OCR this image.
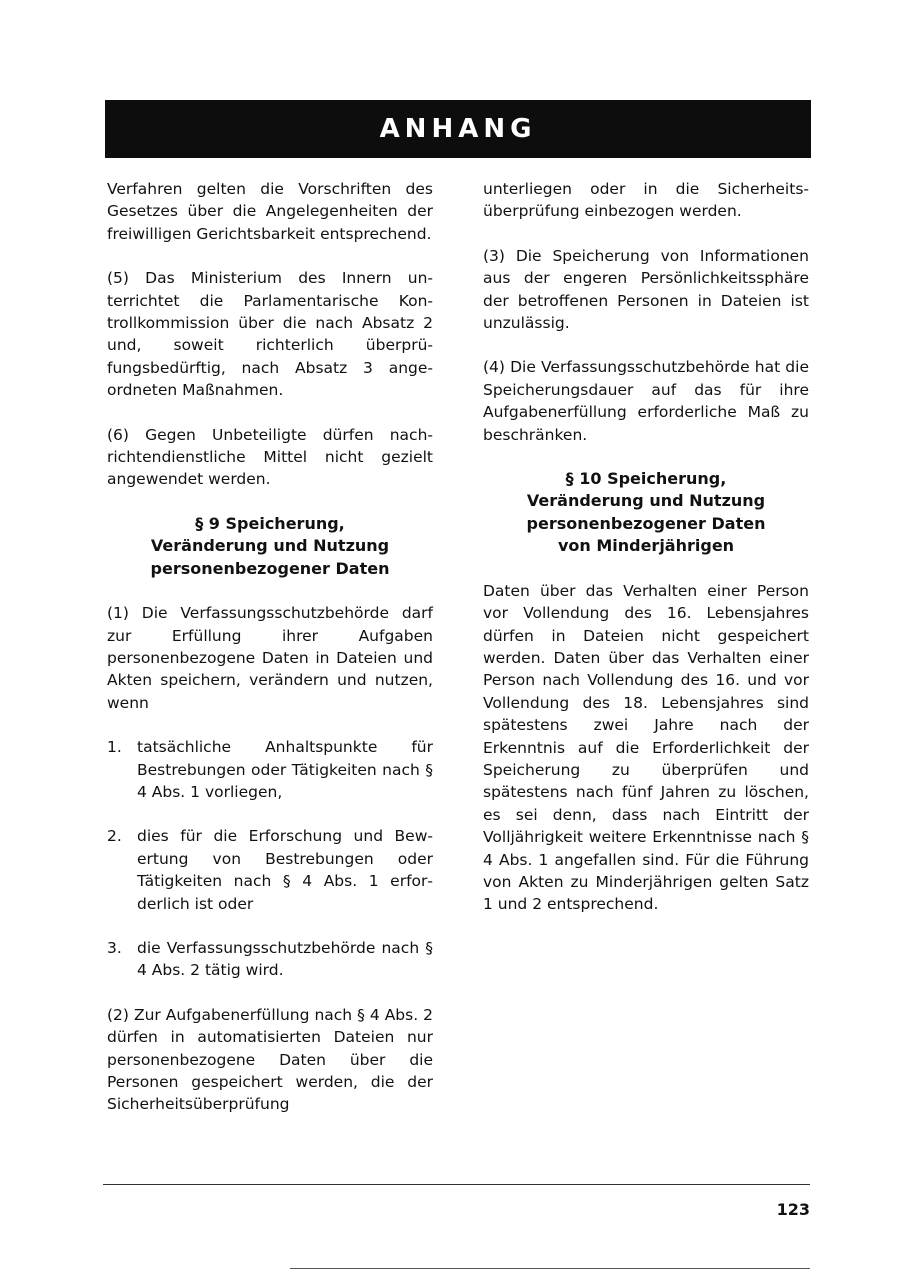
ANHANG

Verfahren gelten die Vorschriften des Gesetzes über die Angelegenheiten der freiwilligen Gerichtsbarkeit entsprechend.

(5) Das Ministerium des Innern unterrichtet die Parlamentarische Kontrollkommission über die nach Absatz 2 und, soweit richterlich überprüfungsbedürftig, nach Absatz 3 angeordneten Maßnahmen.

(6) Gegen Unbeteiligte dürfen nachrichtendienstliche Mittel nicht gezielt angewendet werden.

§ 9 Speicherung,
Veränderung und Nutzung
personenbezogener Daten

(1) Die Verfassungsschutzbehörde darf zur Erfüllung ihrer Aufgaben personenbezogene Daten in Dateien und Akten speichern, verändern und nutzen, wenn

1. tatsächliche Anhaltspunkte für Bestrebungen oder Tätigkeiten nach § 4 Abs. 1 vorliegen,
2. dies für die Erforschung und Bewertung von Bestrebungen oder Tätigkeiten nach § 4 Abs. 1 erforderlich ist oder
3. die Verfassungsschutzbehörde nach § 4 Abs. 2 tätig wird.

(2) Zur Aufgabenerfüllung nach § 4 Abs. 2 dürfen in automatisierten Dateien nur personenbezogene Daten über die Personen gespeichert werden, die der Sicherheitsüberprüfung

unterliegen oder in die Sicherheitsüberprüfung einbezogen werden.

(3) Die Speicherung von Informationen aus der engeren Persönlichkeitssphäre der betroffenen Personen in Dateien ist unzulässig.

(4) Die Verfassungsschutzbehörde hat die Speicherungsdauer auf das für ihre Aufgabenerfüllung erforderliche Maß zu beschränken.

§ 10 Speicherung,
Veränderung und Nutzung
personenbezogener Daten
von Minderjährigen

Daten über das Verhalten einer Person vor Vollendung des 16. Lebensjahres dürfen in Dateien nicht gespeichert werden. Daten über das Verhalten einer Person nach Vollendung des 16. und vor Vollendung des 18. Lebensjahres sind spätestens zwei Jahre nach der Erkenntnis auf die Erforderlichkeit der Speicherung zu überprüfen und spätestens nach fünf Jahren zu löschen, es sei denn, dass nach Eintritt der Volljährigkeit weitere Erkenntnisse nach § 4 Abs. 1 angefallen sind. Für die Führung von Akten zu Minderjährigen gelten Satz 1 und 2 entsprechend.

123
